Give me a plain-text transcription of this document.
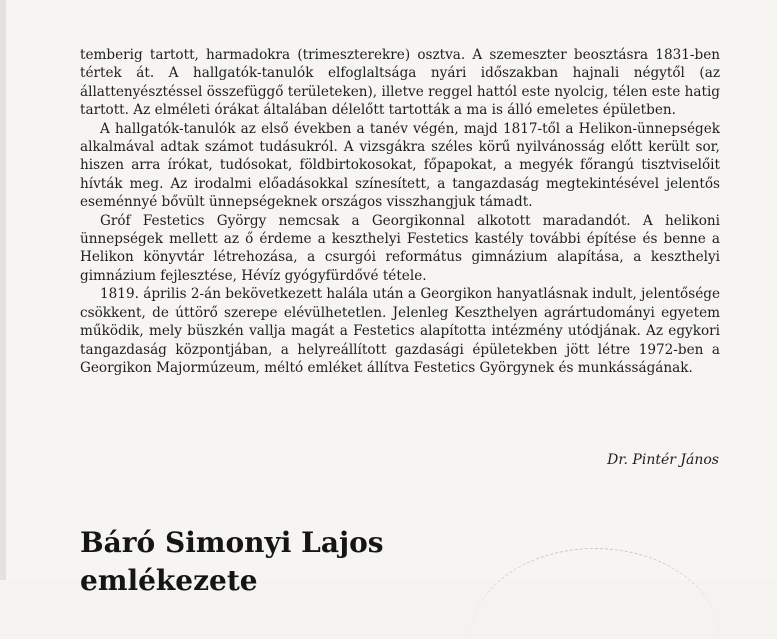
temberig tartott, harmadokra (trimeszterekre) osztva. A szemeszter beosztásra 1831-ben tértek át. A hallgatók-tanulók elfoglaltsága nyári időszakban hajnali négytől (az állattenyésztéssel összefüggő területeken), illetve reggel hattól este nyolcig, télen este hatig tartott. Az elméleti órákat általában délelőtt tartották a ma is álló emeletes épületben.

A hallgatók-tanulók az első években a tanév végén, majd 1817-től a Helikon-ünnepségek alkalmával adtak számot tudásukról. A vizsgákra széles körű nyilvánosság előtt került sor, hiszen arra írókat, tudósokat, földbirtokosokat, főpapokat, a megyék főrangú tisztviselőit hívták meg. Az irodalmi előadásokkal színesített, a tangazdaság megtekintésével jelentős eseménnyé bővült ünnepségeknek országos visszhangjuk támadt.

Gróf Festetics György nemcsak a Georgikonnal alkotott maradandót. A helikoni ünnepségek mellett az ő érdeme a keszthelyi Festetics kastély további építése és benne a Helikon könyvtár létrehozása, a csurgói református gimnázium alapítása, a keszthelyi gimnázium fejlesztése, Hévíz gyógyfürdővé tétele.

1819. április 2-án bekövetkezett halála után a Georgikon hanyatlásnak indult, jelentősége csökkent, de úttörő szerepe elévülhetetlen. Jelenleg Keszthelyen agrártudományi egyetem működik, mely büszkén vallja magát a Festetics alapította intézmény utódjának. Az egykori tangazdaság központjában, a helyreállított gazdasági épületekben jött létre 1972-ben a Georgikon Majormúzeum, méltó emléket állítva Festetics Györgynek és munkásságának.

Dr. Pintér János
Báró Simonyi Lajos
emlékezete
